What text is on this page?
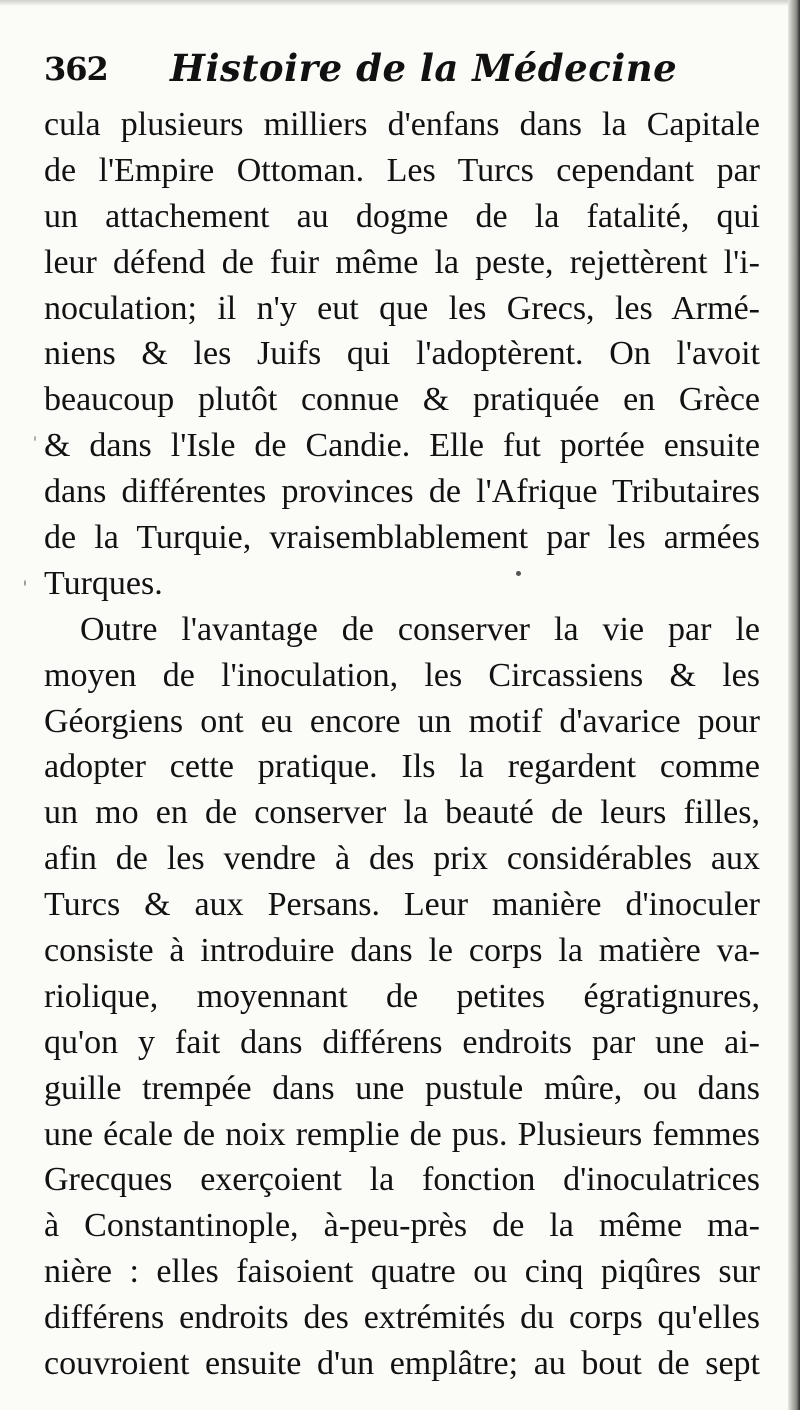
362 Histoire de la Médecine
cula plusieurs milliers d'enfans dans la Capitale
de l'Empire Ottoman. Les Turcs cependant par
un attachement au dogme de la fatalité, qui
leur défend de fuir même la peste, rejettèrent l'i-
noculation; il n'y eut que les Grecs, les Armé-
niens & les Juifs qui l'adoptèrent. On l'avoit
beaucoup plutôt connue & pratiquée en Grèce
& dans l'Isle de Candie. Elle fut portée ensuite
dans différentes provinces de l'Afrique Tributaires
de la Turquie, vraisemblablement par les armées
Turques.
Outre l'avantage de conserver la vie par le
moyen de l'inoculation, les Circassiens & les
Géorgiens ont eu encore un motif d'avarice pour
adopter cette pratique. Ils la regardent comme
un mo en de conserver la beauté de leurs filles,
afin de les vendre à des prix considérables aux
Turcs & aux Persans. Leur manière d'inoculer
consiste à introduire dans le corps la matière va-
riolique, moyennant de petites égratignures,
qu'on y fait dans différens endroits par une ai-
guille trempée dans une pustule mûre, ou dans
une écale de noix remplie de pus. Plusieurs femmes
Grecques exerçoient la fonction d'inoculatrices
à Constantinople, à-peu-près de la même ma-
nière : elles faisoient quatre ou cinq piqûres sur
différens endroits des extrémités du corps qu'elles
couvroient ensuite d'un emplâtre; au bout de sept
